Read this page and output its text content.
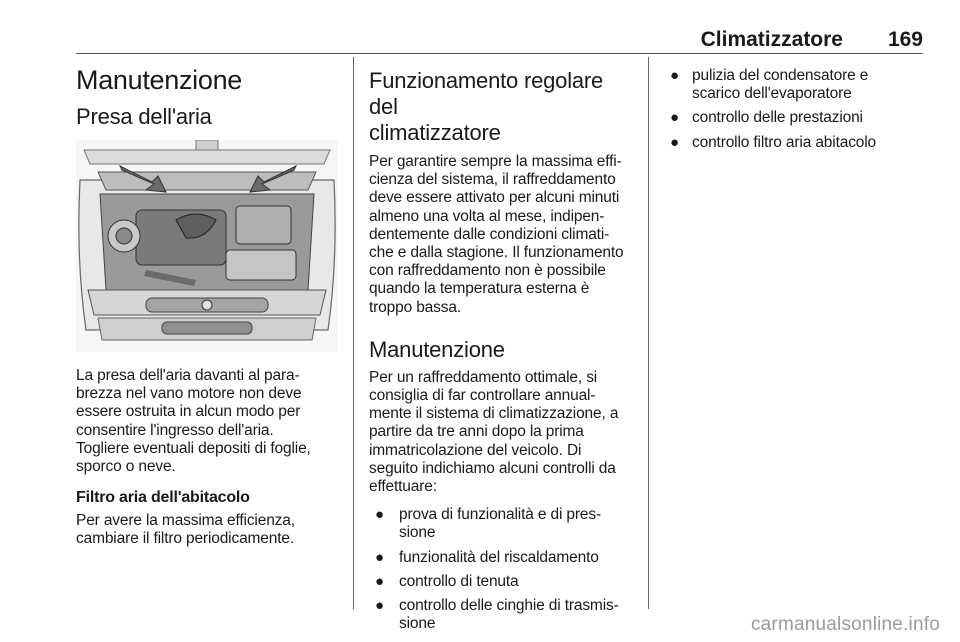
Climatizzatore 169
Manutenzione
Presa dell'aria

La presa dell'aria davanti al para-
brezza nel vano motore non deve
essere ostruita in alcun modo per
consentire l'ingresso dell'aria.
Togliere eventuali depositi di foglie,
sporco o neve.

Filtro aria dell'abitacolo

Per avere la massima efficienza,
cambiare il filtro periodicamente.

Funzionamento regolare del
climatizzatore

Per garantire sempre la massima effi-
cienza del sistema, il raffreddamento
deve essere attivato per alcuni minuti
almeno una volta al mese, indipen-
dentemente dalle condizioni climati-
che e dalla stagione. Il funzionamento
con raffreddamento non è possibile
quando la temperatura esterna è
troppo bassa.

Manutenzione

Per un raffreddamento ottimale, si
consiglia di far controllare annual-
mente il sistema di climatizzazione, a
partire da tre anni dopo la prima
immatricolazione del veicolo. Di
seguito indichiamo alcuni controlli da
effettuare:

● prova di funzionalità e di pres-
sione
● funzionalità del riscaldamento
● controllo di tenuta
● controllo delle cinghie di trasmis-
sione
● pulizia del condensatore e
scarico dell'evaporatore
● controllo delle prestazioni
● controllo filtro aria abitacolo
carmanualsonline.info
